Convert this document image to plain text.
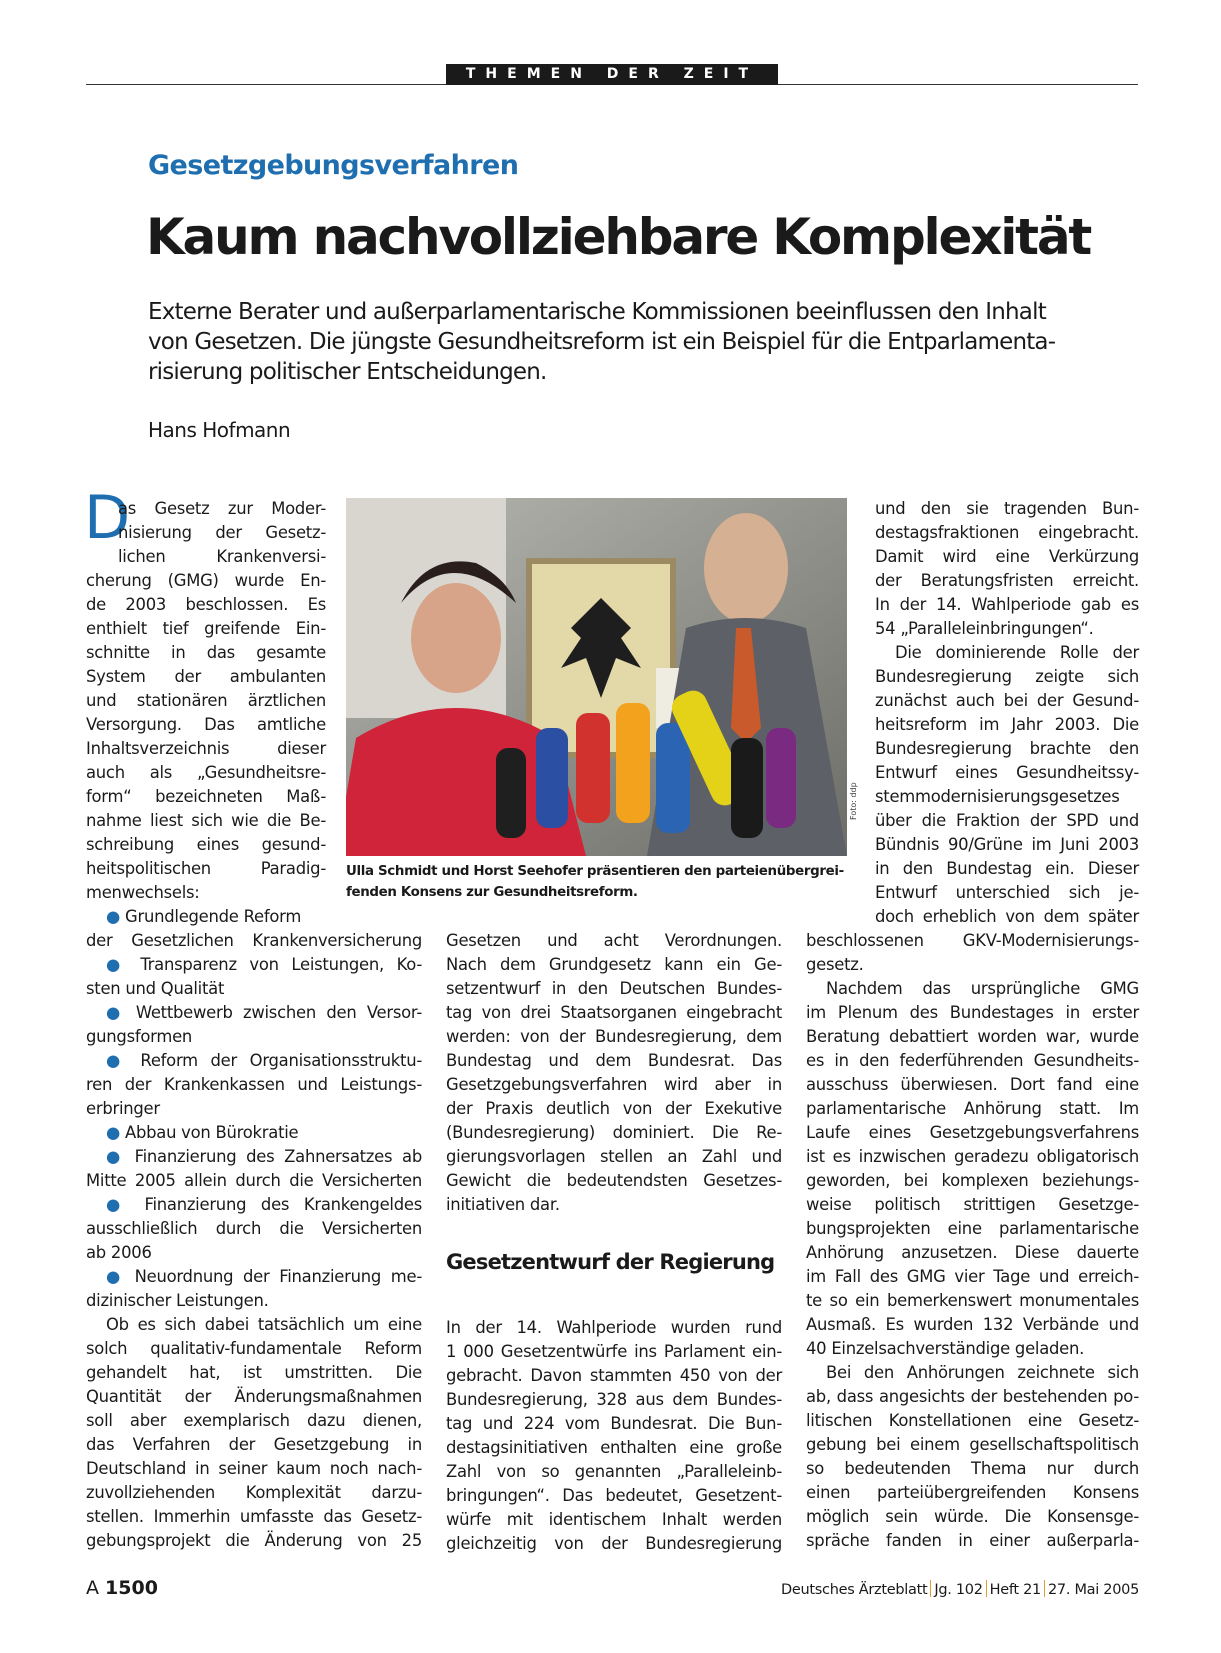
THEMEN DER ZEIT
Gesetzgebungsverfahren
Kaum nachvollziehbare Komplexität
Externe Berater und außerparlamentarische Kommissionen beeinflussen den Inhalt
von Gesetzen. Die jüngste Gesundheitsreform ist ein Beispiel für die Entparlamenta-
risierung politischer Entscheidungen.
Hans Hofmann
D
as Gesetz zur Moder-
nisierung der Gesetz-
lichen Krankenversi-
cherung (GMG) wurde En-
de 2003 beschlossen. Es
enthielt tief greifende Ein-
schnitte in das gesamte
System der ambulanten
und stationären ärztlichen
Versorgung. Das amtliche
Inhaltsverzeichnis dieser
auch als „Gesundheitsre-
form“ bezeichneten Maß-
nahme liest sich wie die Be-
schreibung eines gesund-
heitspolitischen Paradig-
menwechsels:
● Grundlegende Reform
der Gesetzlichen Krankenversicherung
● Transparenz von Leistungen, Ko-
sten und Qualität
● Wettbewerb zwischen den Versor-
gungsformen
● Reform der Organisationsstruktu-
ren der Krankenkassen und Leistungs-
erbringer
● Abbau von Bürokratie
● Finanzierung des Zahnersatzes ab
Mitte 2005 allein durch die Versicherten
● Finanzierung des Krankengeldes
ausschließlich durch die Versicherten
ab 2006
● Neuordnung der Finanzierung me-
dizinischer Leistungen.
Ob es sich dabei tatsächlich um eine
solch qualitativ-fundamentale Reform
gehandelt hat, ist umstritten. Die
Quantität der Änderungsmaßnahmen
soll aber exemplarisch dazu dienen,
das Verfahren der Gesetzgebung in
Deutschland in seiner kaum noch nach-
zuvollziehenden Komplexität darzu-
stellen. Immerhin umfasste das Gesetz-
gebungsprojekt die Änderung von 25
Gesetzen und acht Verordnungen.
Nach dem Grundgesetz kann ein Ge-
setzentwurf in den Deutschen Bundes-
tag von drei Staatsorganen eingebracht
werden: von der Bundesregierung, dem
Bundestag und dem Bundesrat. Das
Gesetzgebungsverfahren wird aber in
der Praxis deutlich von der Exekutive
(Bundesregierung) dominiert. Die Re-
gierungsvorlagen stellen an Zahl und
Gewicht die bedeutendsten Gesetzes-
initiativen dar.
Gesetzentwurf der Regierung
In der 14. Wahlperiode wurden rund
1 000 Gesetzentwürfe ins Parlament ein-
gebracht. Davon stammten 450 von der
Bundesregierung, 328 aus dem Bundes-
tag und 224 vom Bundesrat. Die Bun-
destagsinitiativen enthalten eine große
Zahl von so genannten „Paralleleinb-
bringungen“. Das bedeutet, Gesetzent-
würfe mit identischem Inhalt werden
gleichzeitig von der Bundesregierung
und den sie tragenden Bun-
destagsfraktionen eingebracht.
Damit wird eine Verkürzung
der Beratungsfristen erreicht.
In der 14. Wahlperiode gab es
54 „Paralleleinbringungen“.
Die dominierende Rolle der
Bundesregierung zeigte sich
zunächst auch bei der Gesund-
heitsreform im Jahr 2003. Die
Bundesregierung brachte den
Entwurf eines Gesundheitssy-
stemmodernisierungsgesetzes
über die Fraktion der SPD und
Bündnis 90/Grüne im Juni 2003
in den Bundestag ein. Dieser
Entwurf unterschied sich je-
doch erheblich von dem später
beschlossenen GKV-Modernisierungs-
gesetz.
Nachdem das ursprüngliche GMG
im Plenum des Bundestages in erster
Beratung debattiert worden war, wurde
es in den federführenden Gesundheits-
ausschuss überwiesen. Dort fand eine
parlamentarische Anhörung statt. Im
Laufe eines Gesetzgebungsverfahrens
ist es inzwischen geradezu obligatorisch
geworden, bei komplexen beziehungs-
weise politisch strittigen Gesetzge-
bungsprojekten eine parlamentarische
Anhörung anzusetzen. Diese dauerte
im Fall des GMG vier Tage und erreich-
te so ein bemerkenswert monumentales
Ausmaß. Es wurden 132 Verbände und
40 Einzelsachverständige geladen.
Bei den Anhörungen zeichnete sich
ab, dass angesichts der bestehenden po-
litischen Konstellationen eine Gesetz-
gebung bei einem gesellschaftspolitisch
so bedeutenden Thema nur durch
einen parteiübergreifenden Konsens
möglich sein würde. Die Konsensge-
spräche fanden in einer außerparla-
Foto: ddp
Ulla Schmidt und Horst Seehofer präsentieren den parteienübergrei-
fenden Konsens zur Gesundheitsreform.
A 1500	Deutsches Ärzteblatt Jg. 102 Heft 21 27. Mai 2005
